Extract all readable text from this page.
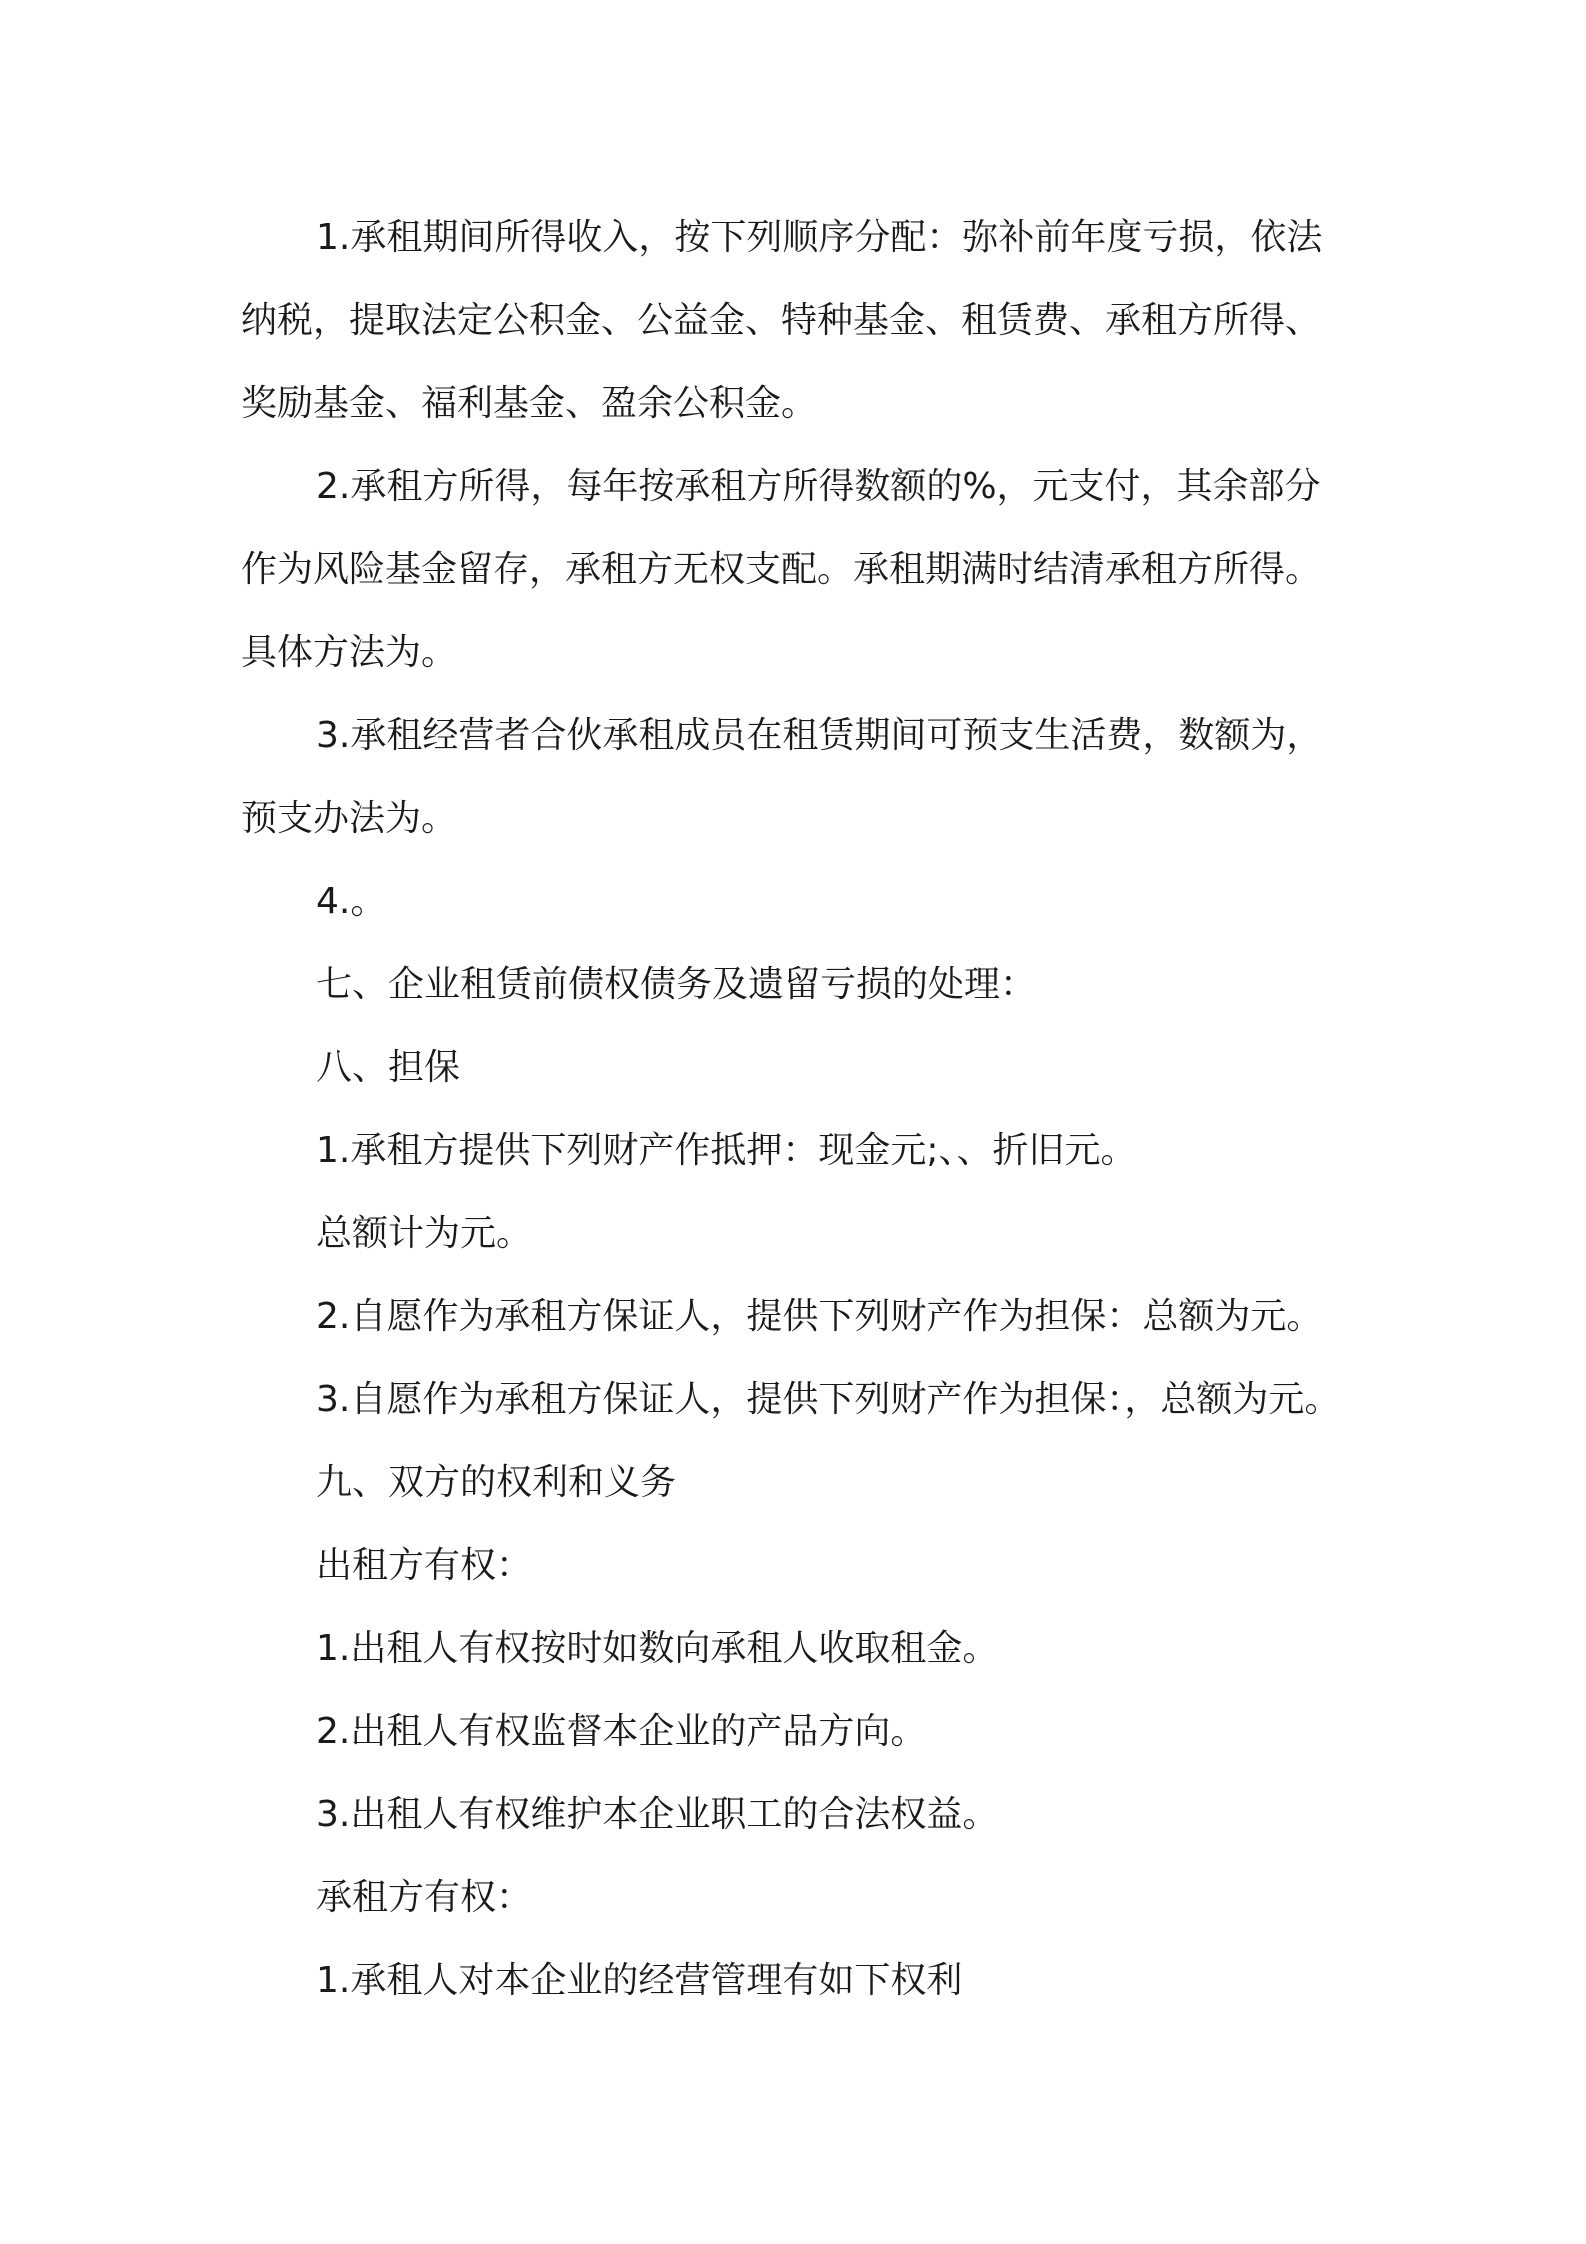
1.承租期间所得收入，按下列顺序分配：弥补前年度亏损，依法
纳税，提取法定公积金、公益金、特种基金、租赁费、承租方所得、
奖励基金、福利基金、盈余公积金。
2.承租方所得，每年按承租方所得数额的%，元支付，其余部分
作为风险基金留存，承租方无权支配。承租期满时结清承租方所得。
具体方法为。
3.承租经营者合伙承租成员在租赁期间可预支生活费，数额为，
预支办法为。
4.。
七、企业租赁前债权债务及遗留亏损的处理：
八、担保
1.承租方提供下列财产作抵押：现金元;、、折旧元。
总额计为元。
2.自愿作为承租方保证人，提供下列财产作为担保：总额为元。
3.自愿作为承租方保证人，提供下列财产作为担保：，总额为元。
九、双方的权利和义务
出租方有权：
1.出租人有权按时如数向承租人收取租金。
2.出租人有权监督本企业的产品方向。
3.出租人有权维护本企业职工的合法权益。
承租方有权：
1.承租人对本企业的经营管理有如下权利
